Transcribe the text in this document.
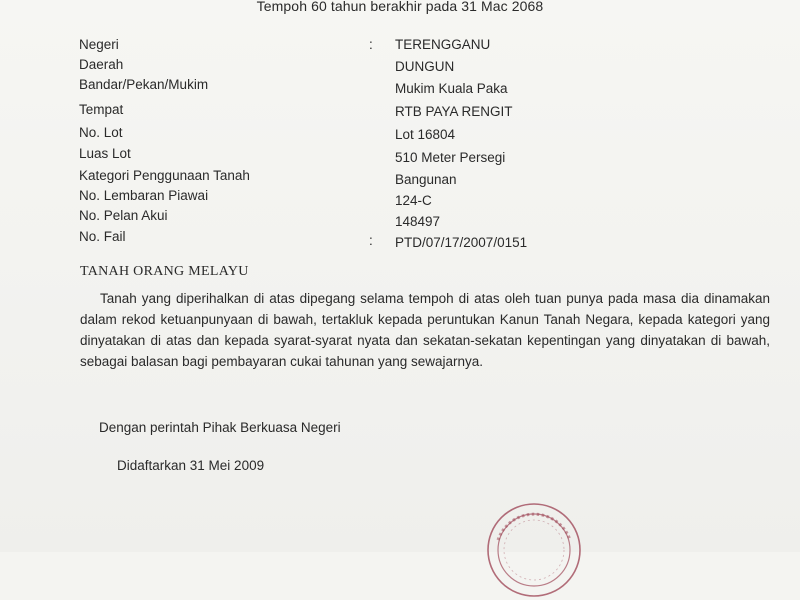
Tempoh 60 tahun berakhir pada 31 Mac 2068
Negeri	: TERENGGANU
Daerah	DUNGUN
Bandar/Pekan/Mukim	Mukim Kuala Paka
Tempat	RTB PAYA RENGIT
No. Lot	Lot 16804
Luas Lot	510 Meter Persegi
Kategori Penggunaan Tanah	Bangunan
No. Lembaran Piawai	124-C
No. Pelan Akui	148497
No. Fail	: PTD/07/17/2007/0151
TANAH ORANG MELAYU
Tanah yang diperihalkan di atas dipegang selama tempoh di atas oleh tuan punya pada masa dia dinamakan dalam rekod ketuanpunyaan di bawah, tertakluk kepada peruntukan Kanun Tanah Negara, kepada kategori yang dinyatakan di atas dan kepada syarat-syarat nyata dan sekatan-sekatan kepentingan yang dinyatakan di bawah, sebagai balasan bagi pembayaran cukai tahunan yang sewajarnya.
Dengan perintah Pihak Berkuasa Negeri
Didaftarkan 31 Mei 2009
